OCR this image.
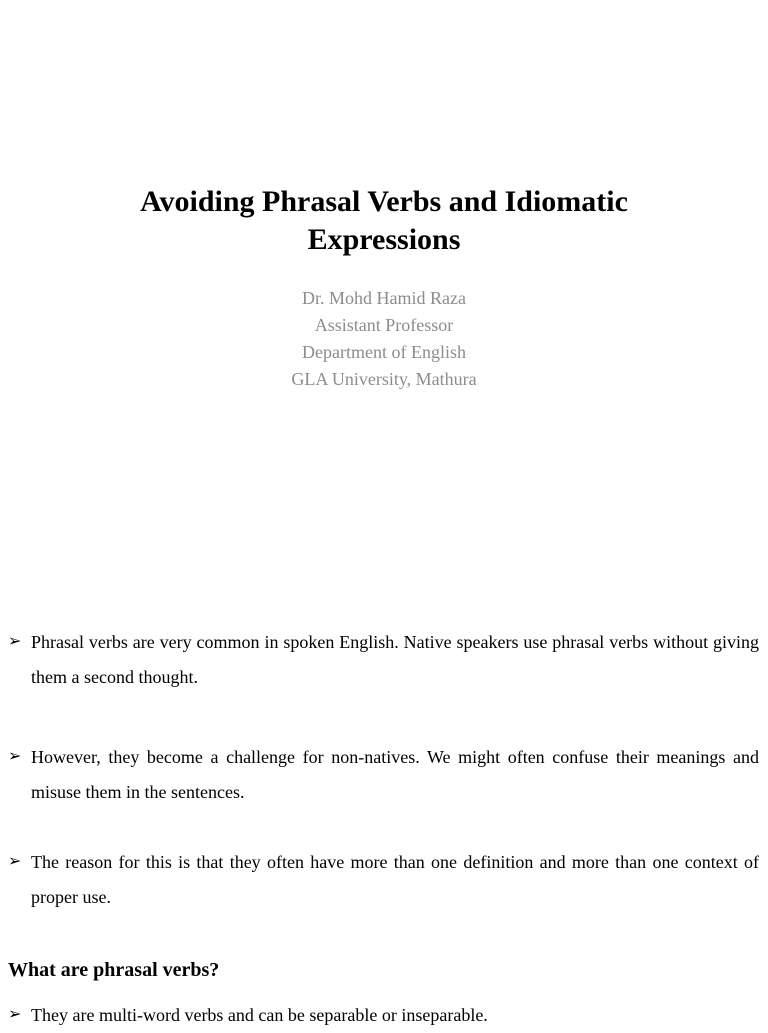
Avoiding Phrasal Verbs and Idiomatic Expressions
Dr. Mohd Hamid Raza
Assistant Professor
Department of English
GLA University, Mathura
➢ Phrasal verbs are very common in spoken English. Native speakers use phrasal verbs without giving them a second thought.
➢ However, they become a challenge for non-natives. We might often confuse their meanings and misuse them in the sentences.
➢ The reason for this is that they often have more than one definition and more than one context of proper use.
What are phrasal verbs?
➢ They are multi-word verbs and can be separable or inseparable.
